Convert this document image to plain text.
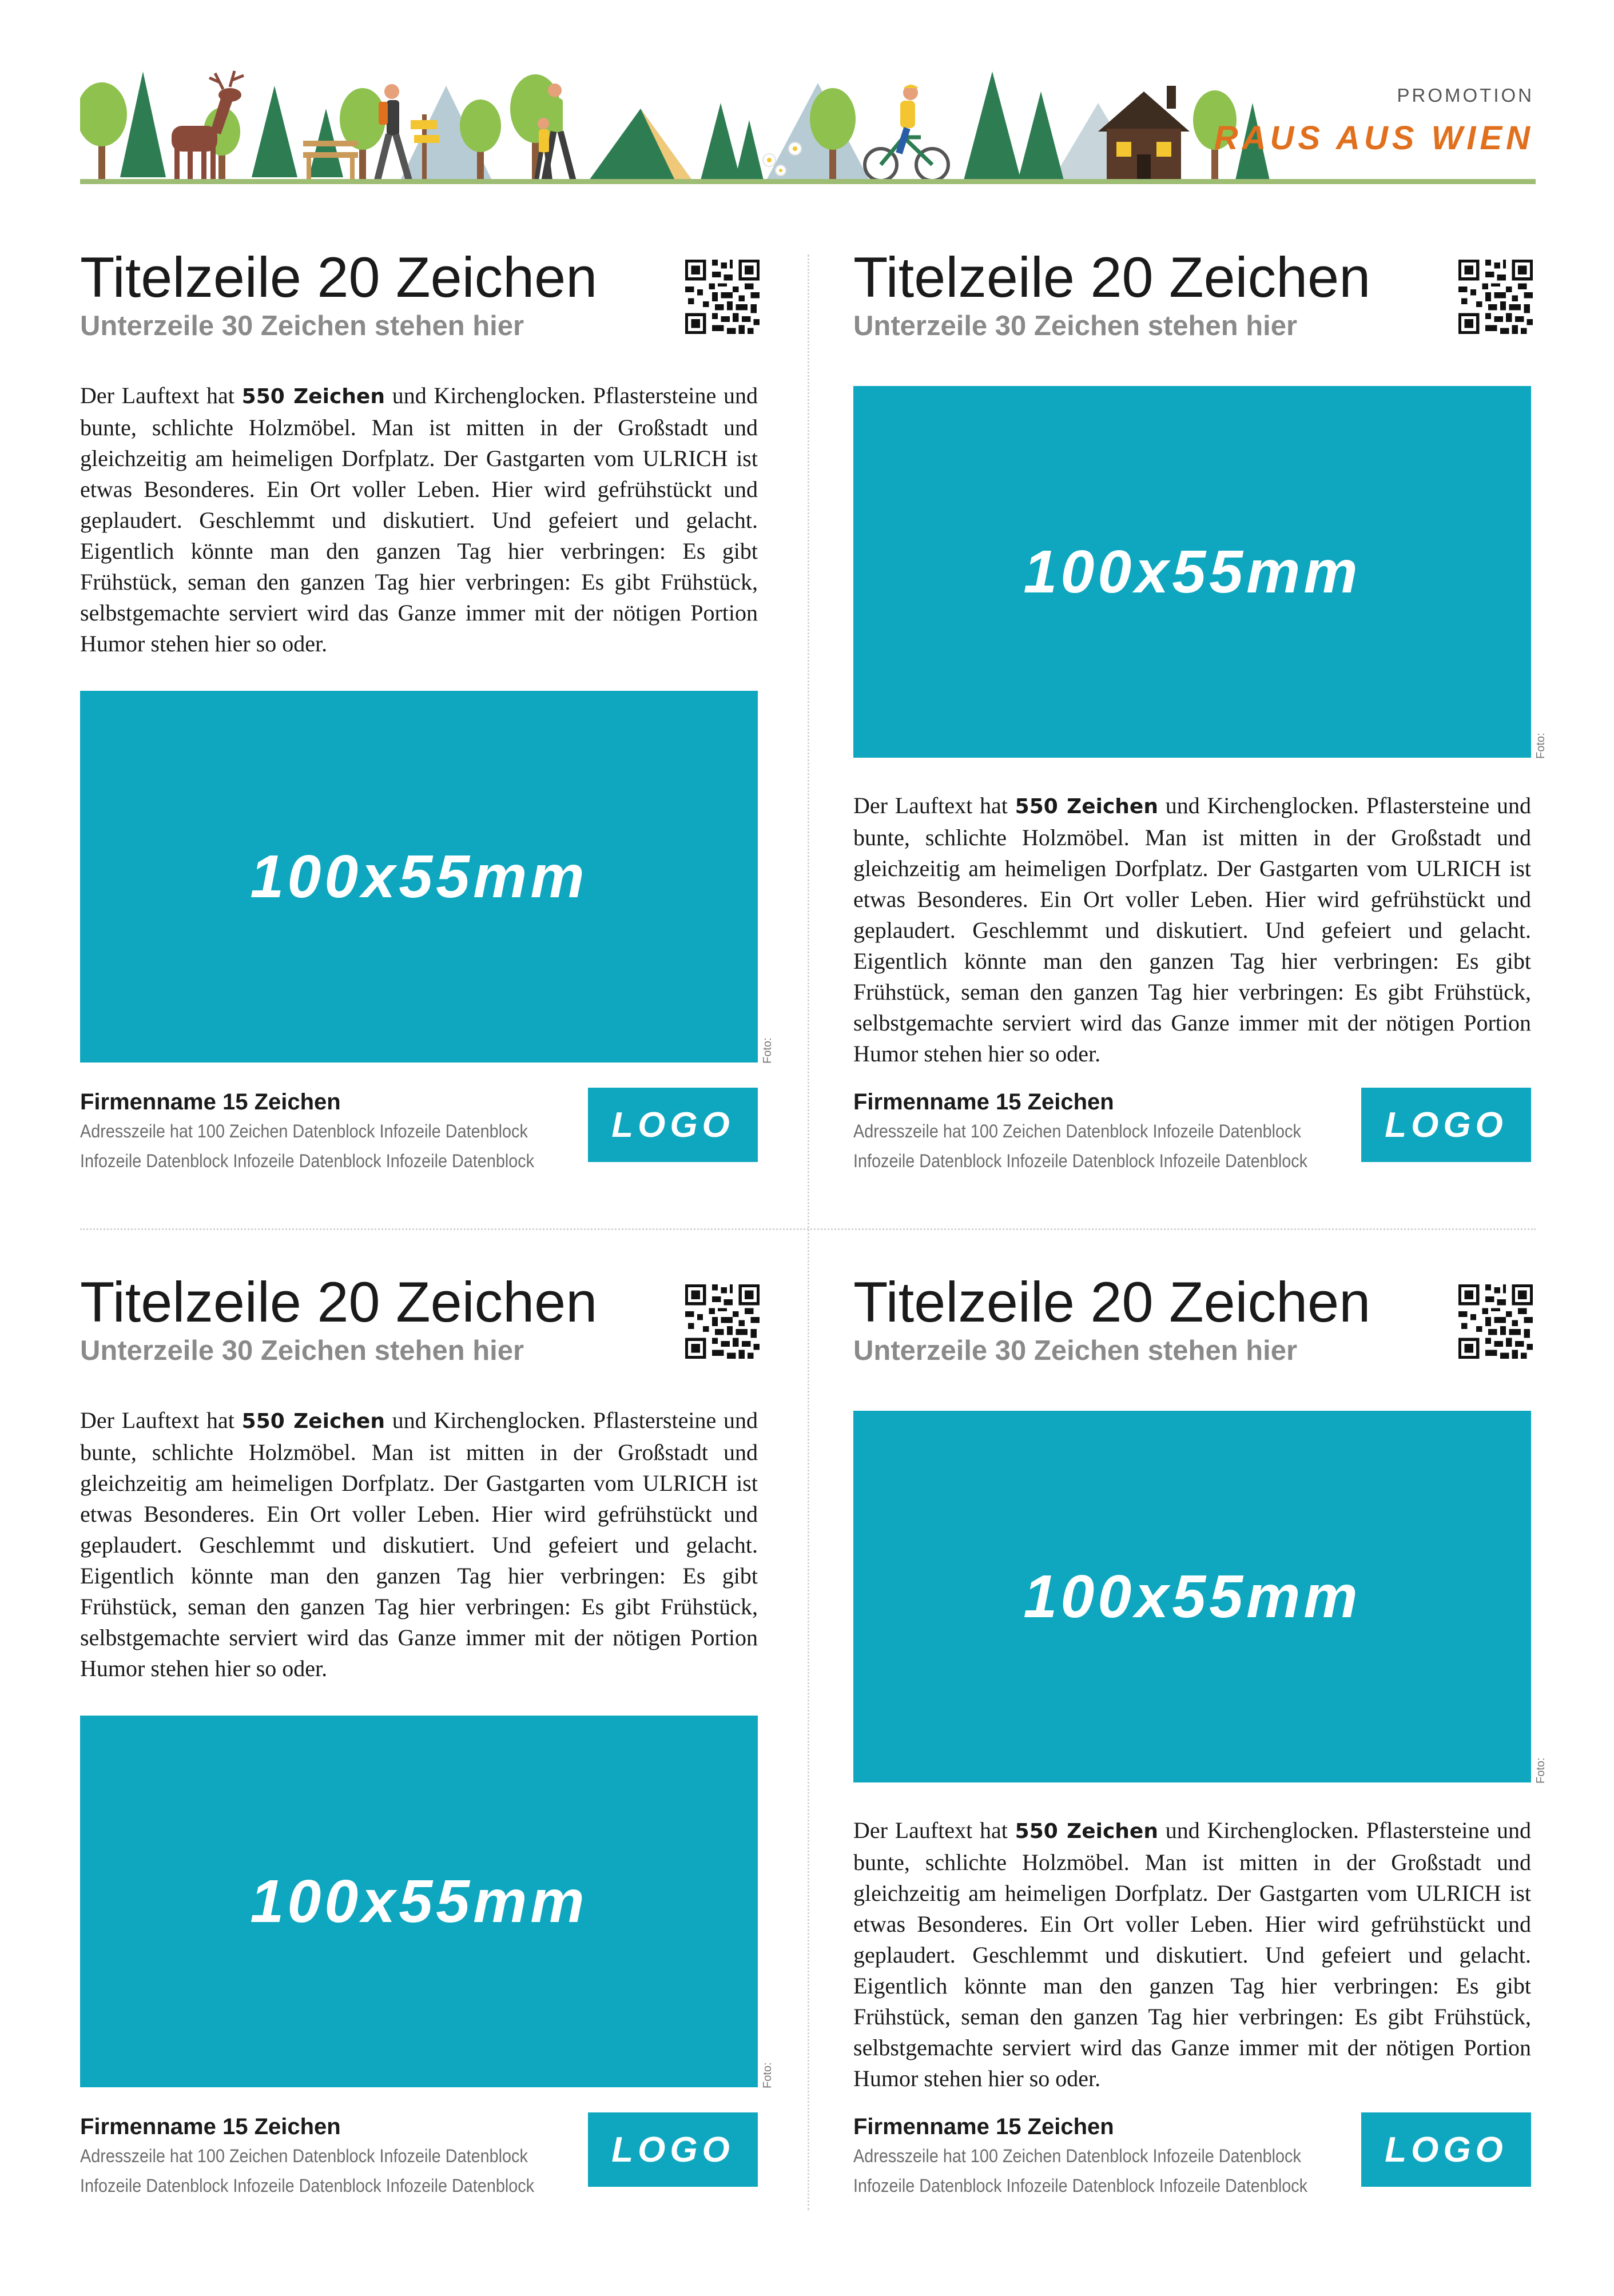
PROMOTION
RAUS AUS WIEN
Titelzeile 20 Zeichen
Unterzeile 30 Zeichen stehen hier

Der Lauftext hat 550 Zeichen und Kirchenglocken. Pflastersteine und bunte, schlichte Holzmöbel. Man ist mitten in der Großstadt und gleichzeitig am heimeligen Dorfplatz. Der Gastgarten vom ULRICH ist etwas Besonderes. Ein Ort voller Leben. Hier wird gefrühstückt und geplaudert. Geschlemmt und diskutiert. Und gefeiert und gelacht. Eigentlich könnte man den ganzen Tag hier verbringen: Es gibt Frühstück, seman den ganzen Tag hier verbringen: Es gibt Frühstück, selbstgemachte serviert wird das Ganze immer mit der nötigen Portion Humor stehen hier so oder.

100x55mm
Foto:
Firmenname 15 Zeichen
Adresszeile hat 100 Zeichen Datenblock Infozeile Datenblock
Infozeile Datenblock Infozeile Datenblock Infozeile Datenblock
LOGO
Titelzeile 20 Zeichen
Unterzeile 30 Zeichen stehen hier
100x55mm
Foto:

Der Lauftext hat 550 Zeichen und Kirchenglocken. Pflastersteine und bunte, schlichte Holzmöbel. Man ist mitten in der Großstadt und gleichzeitig am heimeligen Dorfplatz. Der Gastgarten vom ULRICH ist etwas Besonderes. Ein Ort voller Leben. Hier wird gefrühstückt und geplaudert. Geschlemmt und diskutiert. Und gefeiert und gelacht. Eigentlich könnte man den ganzen Tag hier verbringen: Es gibt Frühstück, seman den ganzen Tag hier verbringen: Es gibt Frühstück, selbstgemachte serviert wird das Ganze immer mit der nötigen Portion Humor stehen hier so oder.

Firmenname 15 Zeichen
Adresszeile hat 100 Zeichen Datenblock Infozeile Datenblock
Infozeile Datenblock Infozeile Datenblock Infozeile Datenblock
LOGO
Titelzeile 20 Zeichen
Unterzeile 30 Zeichen stehen hier

Der Lauftext hat 550 Zeichen und Kirchenglocken. Pflastersteine und bunte, schlichte Holzmöbel. Man ist mitten in der Großstadt und gleichzeitig am heimeligen Dorfplatz. Der Gastgarten vom ULRICH ist etwas Besonderes. Ein Ort voller Leben. Hier wird gefrühstückt und geplaudert. Geschlemmt und diskutiert. Und gefeiert und gelacht. Eigentlich könnte man den ganzen Tag hier verbringen: Es gibt Frühstück, seman den ganzen Tag hier verbringen: Es gibt Frühstück, selbstgemachte serviert wird das Ganze immer mit der nötigen Portion Humor stehen hier so oder.

100x55mm
Foto:
Firmenname 15 Zeichen
Adresszeile hat 100 Zeichen Datenblock Infozeile Datenblock
Infozeile Datenblock Infozeile Datenblock Infozeile Datenblock
LOGO
Titelzeile 20 Zeichen
Unterzeile 30 Zeichen stehen hier
100x55mm
Foto:

Der Lauftext hat 550 Zeichen und Kirchenglocken. Pflastersteine und bunte, schlichte Holzmöbel. Man ist mitten in der Großstadt und gleichzeitig am heimeligen Dorfplatz. Der Gastgarten vom ULRICH ist etwas Besonderes. Ein Ort voller Leben. Hier wird gefrühstückt und geplaudert. Geschlemmt und diskutiert. Und gefeiert und gelacht. Eigentlich könnte man den ganzen Tag hier verbringen: Es gibt Frühstück, seman den ganzen Tag hier verbringen: Es gibt Frühstück, selbstgemachte serviert wird das Ganze immer mit der nötigen Portion Humor stehen hier so oder.

Firmenname 15 Zeichen
Adresszeile hat 100 Zeichen Datenblock Infozeile Datenblock
Infozeile Datenblock Infozeile Datenblock Infozeile Datenblock
LOGO
